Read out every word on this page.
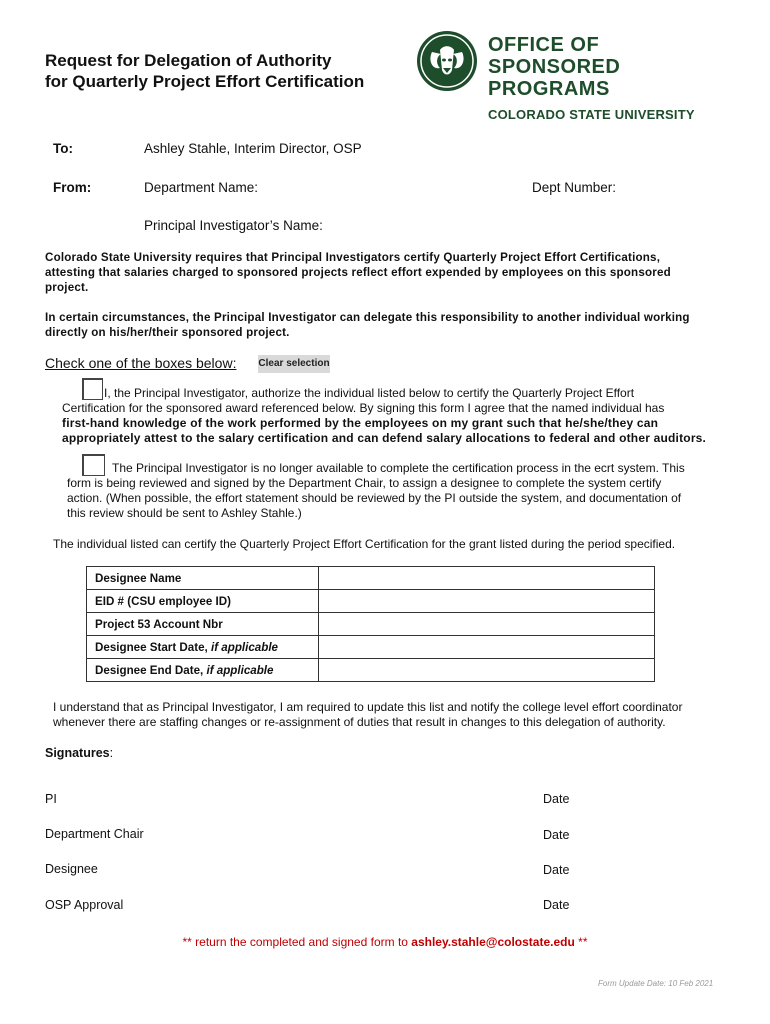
Request for Delegation of Authority
for Quarterly Project Effort Certification
OFFICE OF
SPONSORED PROGRAMS
COLORADO STATE UNIVERSITY
To:	Ashley Stahle, Interim Director, OSP
From:	Department Name:	Dept Number:
Principal Investigator’s Name:
Colorado State University requires that Principal Investigators certify Quarterly Project Effort Certifications,
attesting that salaries charged to sponsored projects reflect effort expended by employees on this sponsored
project.
In certain circumstances, the Principal Investigator can delegate this responsibility to another individual working
directly on his/her/their sponsored project.
Check one of the boxes below: Clear selection
I, the Principal Investigator, authorize the individual listed below to certify the Quarterly Project Effort
Certification for the sponsored award referenced below. By signing this form I agree that the named individual has
first-hand knowledge of the work performed by the employees on my grant such that he/she/they can
appropriately attest to the salary certification and can defend salary allocations to federal and other auditors.
The Principal Investigator is no longer available to complete the certification process in the ecrt system. This
form is being reviewed and signed by the Department Chair, to assign a designee to complete the system certify
action. (When possible, the effort statement should be reviewed by the PI outside the system, and documentation of
this review should be sent to Ashley Stahle.)
The individual listed can certify the Quarterly Project Effort Certification for the grant listed during the period specified.
Designee Name	
EID # (CSU employee ID)	
Project 53 Account Nbr	
Designee Start Date, if applicable	
Designee End Date, if applicable	
I understand that as Principal Investigator, I am required to update this list and notify the college level effort coordinator
whenever there are staffing changes or re-assignment of duties that result in changes to this delegation of authority.
Signatures:
PI	Date
Department Chair	Date
Designee	Date
OSP Approval	Date
** return the completed and signed form to ashley.stahle@colostate.edu **
Form Update Date: 10 Feb 2021
